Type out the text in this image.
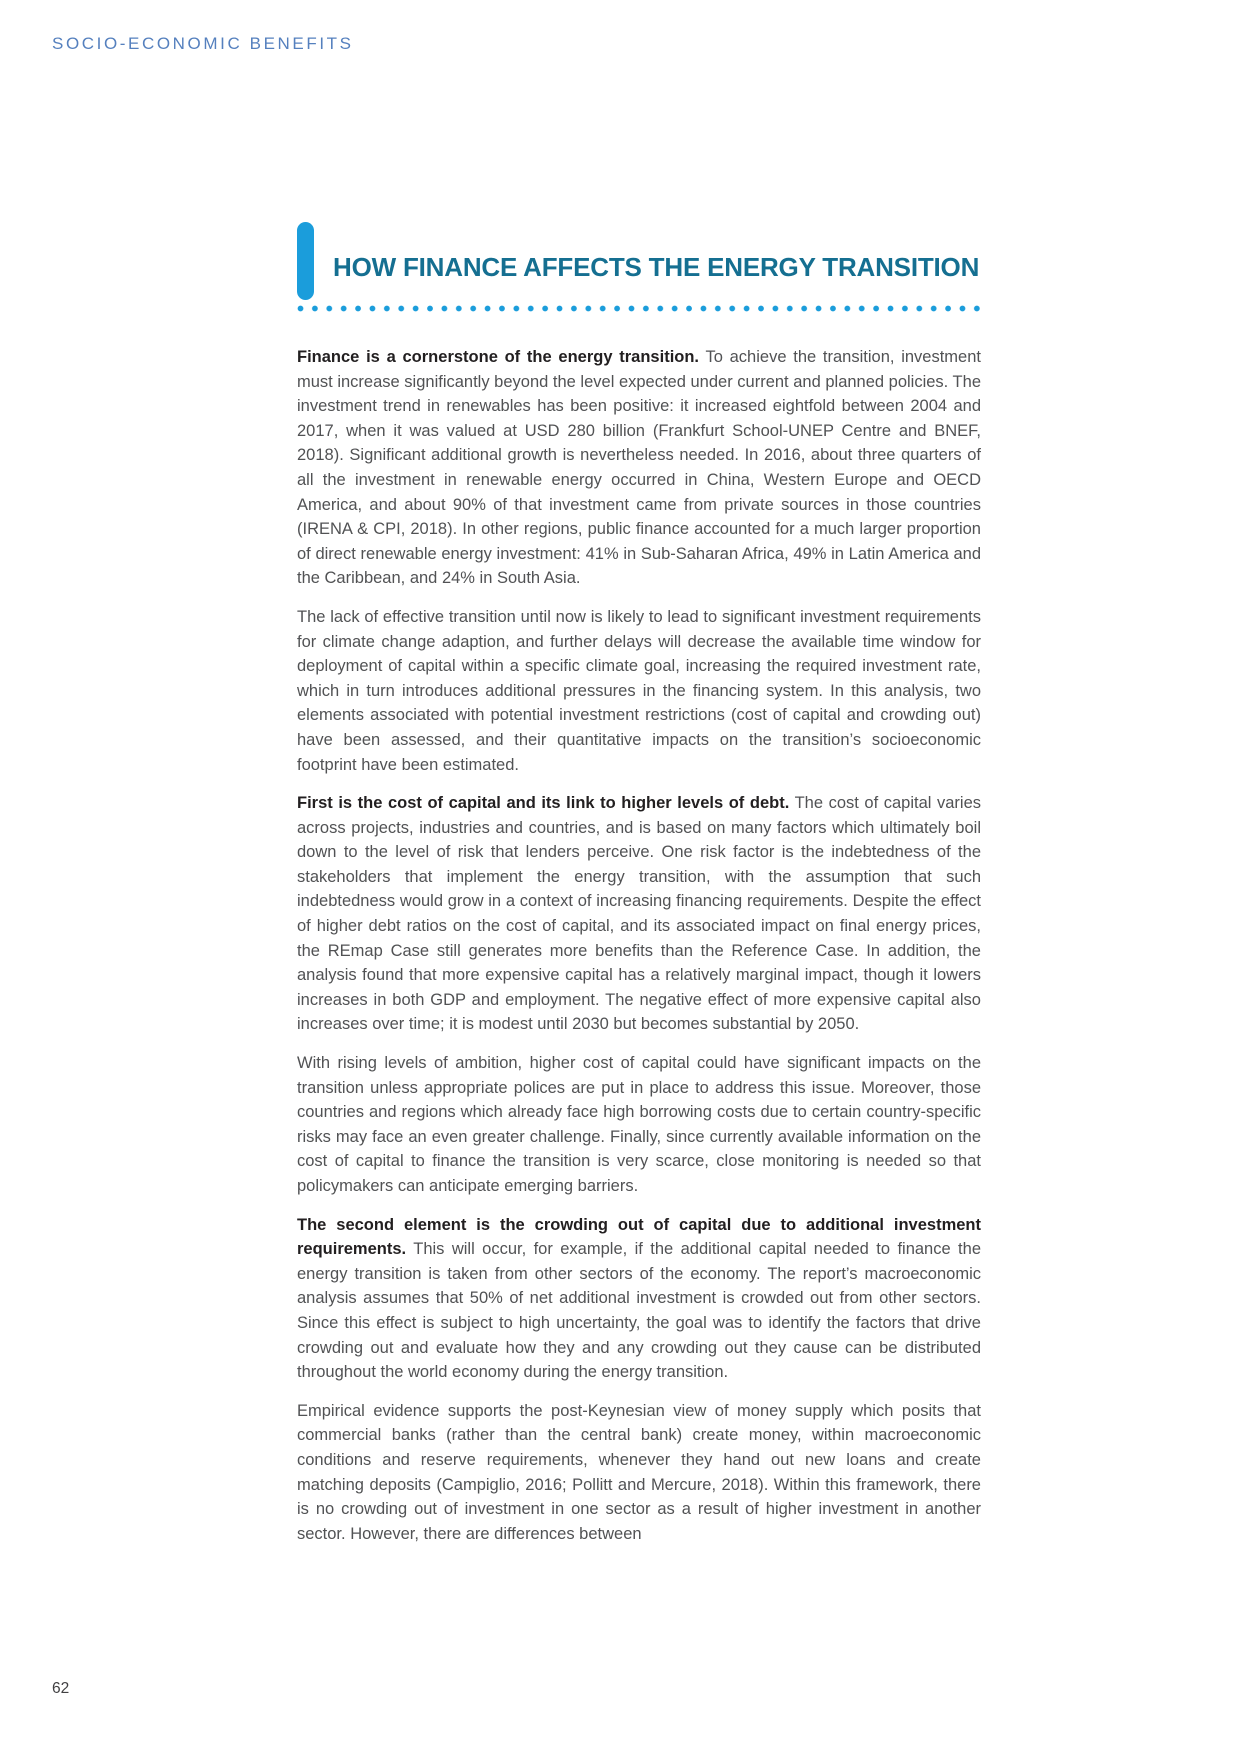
SOCIO-ECONOMIC BENEFITS
HOW FINANCE AFFECTS THE ENERGY TRANSITION

Finance is a cornerstone of the energy transition. To achieve the transition, investment must increase significantly beyond the level expected under current and planned policies. The investment trend in renewables has been positive: it increased eightfold between 2004 and 2017, when it was valued at USD 280 billion (Frankfurt School-UNEP Centre and BNEF, 2018). Significant additional growth is nevertheless needed. In 2016, about three quarters of all the investment in renewable energy occurred in China, Western Europe and OECD America, and about 90% of that investment came from private sources in those countries (IRENA & CPI, 2018). In other regions, public finance accounted for a much larger proportion of direct renewable energy investment: 41% in Sub-Saharan Africa, 49% in Latin America and the Caribbean, and 24% in South Asia.

The lack of effective transition until now is likely to lead to significant investment requirements for climate change adaption, and further delays will decrease the available time window for deployment of capital within a specific climate goal, increasing the required investment rate, which in turn introduces additional pressures in the financing system. In this analysis, two elements associated with potential investment restrictions (cost of capital and crowding out) have been assessed, and their quantitative impacts on the transition’s socioeconomic footprint have been estimated.

First is the cost of capital and its link to higher levels of debt. The cost of capital varies across projects, industries and countries, and is based on many factors which ultimately boil down to the level of risk that lenders perceive. One risk factor is the indebtedness of the stakeholders that implement the energy transition, with the assumption that such indebtedness would grow in a context of increasing financing requirements. Despite the effect of higher debt ratios on the cost of capital, and its associated impact on final energy prices, the REmap Case still generates more benefits than the Reference Case. In addition, the analysis found that more expensive capital has a relatively marginal impact, though it lowers increases in both GDP and employment. The negative effect of more expensive capital also increases over time; it is modest until 2030 but becomes substantial by 2050.

With rising levels of ambition, higher cost of capital could have significant impacts on the transition unless appropriate polices are put in place to address this issue. Moreover, those countries and regions which already face high borrowing costs due to certain country-specific risks may face an even greater challenge. Finally, since currently available information on the cost of capital to finance the transition is very scarce, close monitoring is needed so that policymakers can anticipate emerging barriers.

The second element is the crowding out of capital due to additional investment requirements. This will occur, for example, if the additional capital needed to finance the energy transition is taken from other sectors of the economy. The report’s macroeconomic analysis assumes that 50% of net additional investment is crowded out from other sectors. Since this effect is subject to high uncertainty, the goal was to identify the factors that drive crowding out and evaluate how they and any crowding out they cause can be distributed throughout the world economy during the energy transition.

Empirical evidence supports the post-Keynesian view of money supply which posits that commercial banks (rather than the central bank) create money, within macroeconomic conditions and reserve requirements, whenever they hand out new loans and create matching deposits (Campiglio, 2016; Pollitt and Mercure, 2018). Within this framework, there is no crowding out of investment in one sector as a result of higher investment in another sector. However, there are differences between

62
